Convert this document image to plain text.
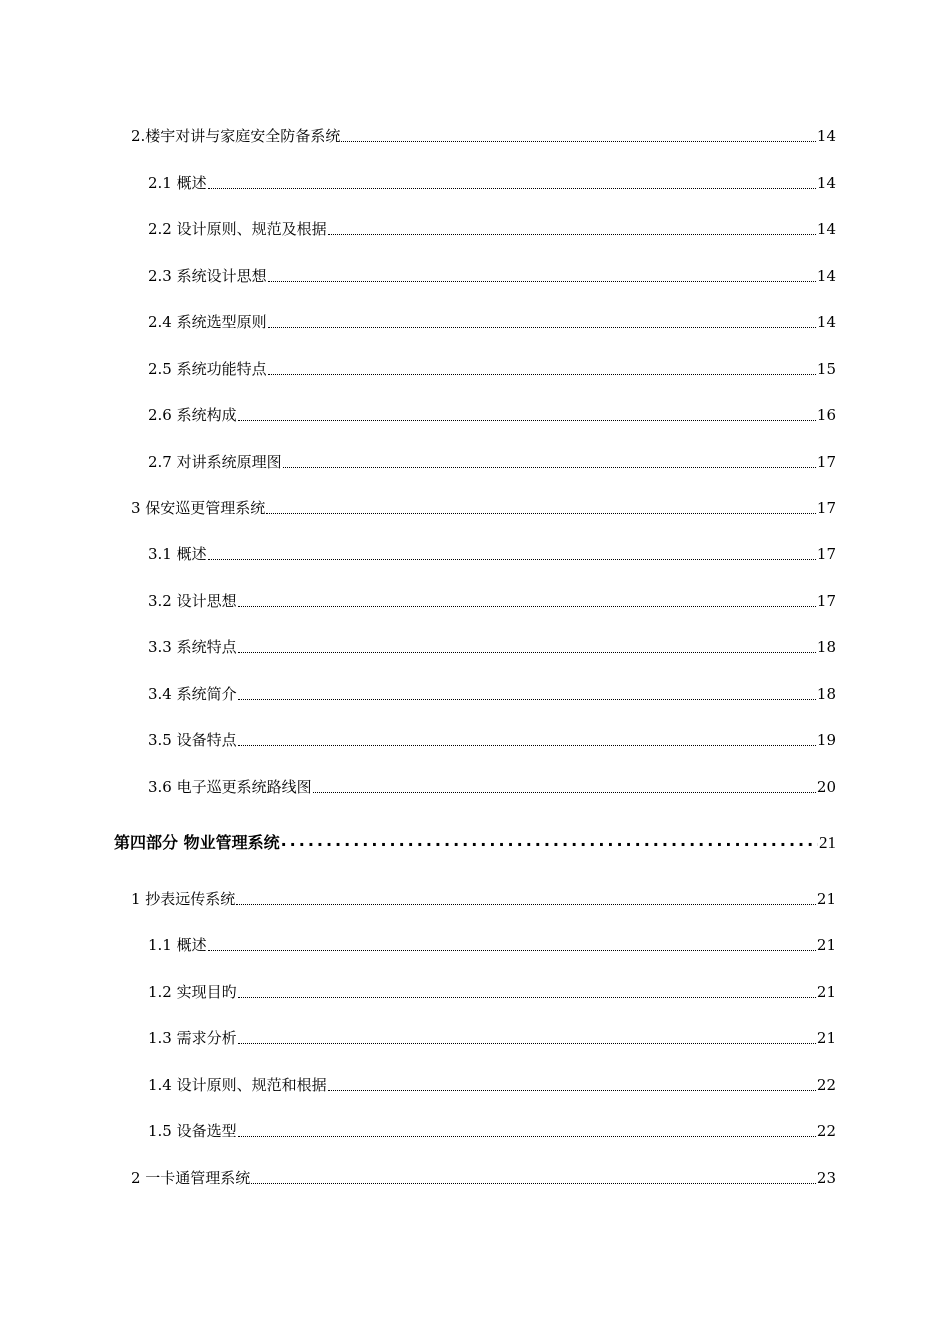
2.楼宇对讲与家庭安全防备系统	14
2.1 概述	14
2.2 设计原则、规范及根据	14
2.3 系统设计思想	14
2.4 系统选型原则	14
2.5 系统功能特点	15
2.6 系统构成	16
2.7 对讲系统原理图	17
3 保安巡更管理系统	17
3.1 概述	17
3.2 设计思想	17
3.3 系统特点	18
3.4 系统简介	18
3.5 设备特点	19
3.6 电子巡更系统路线图	20
第四部分 物业管理系统 .....	21
1 抄表远传系统	21
1.1 概述	21
1.2 实现目旳	21
1.3 需求分析	21
1.4 设计原则、规范和根据	22
1.5 设备选型	22
2 一卡通管理系统	23
